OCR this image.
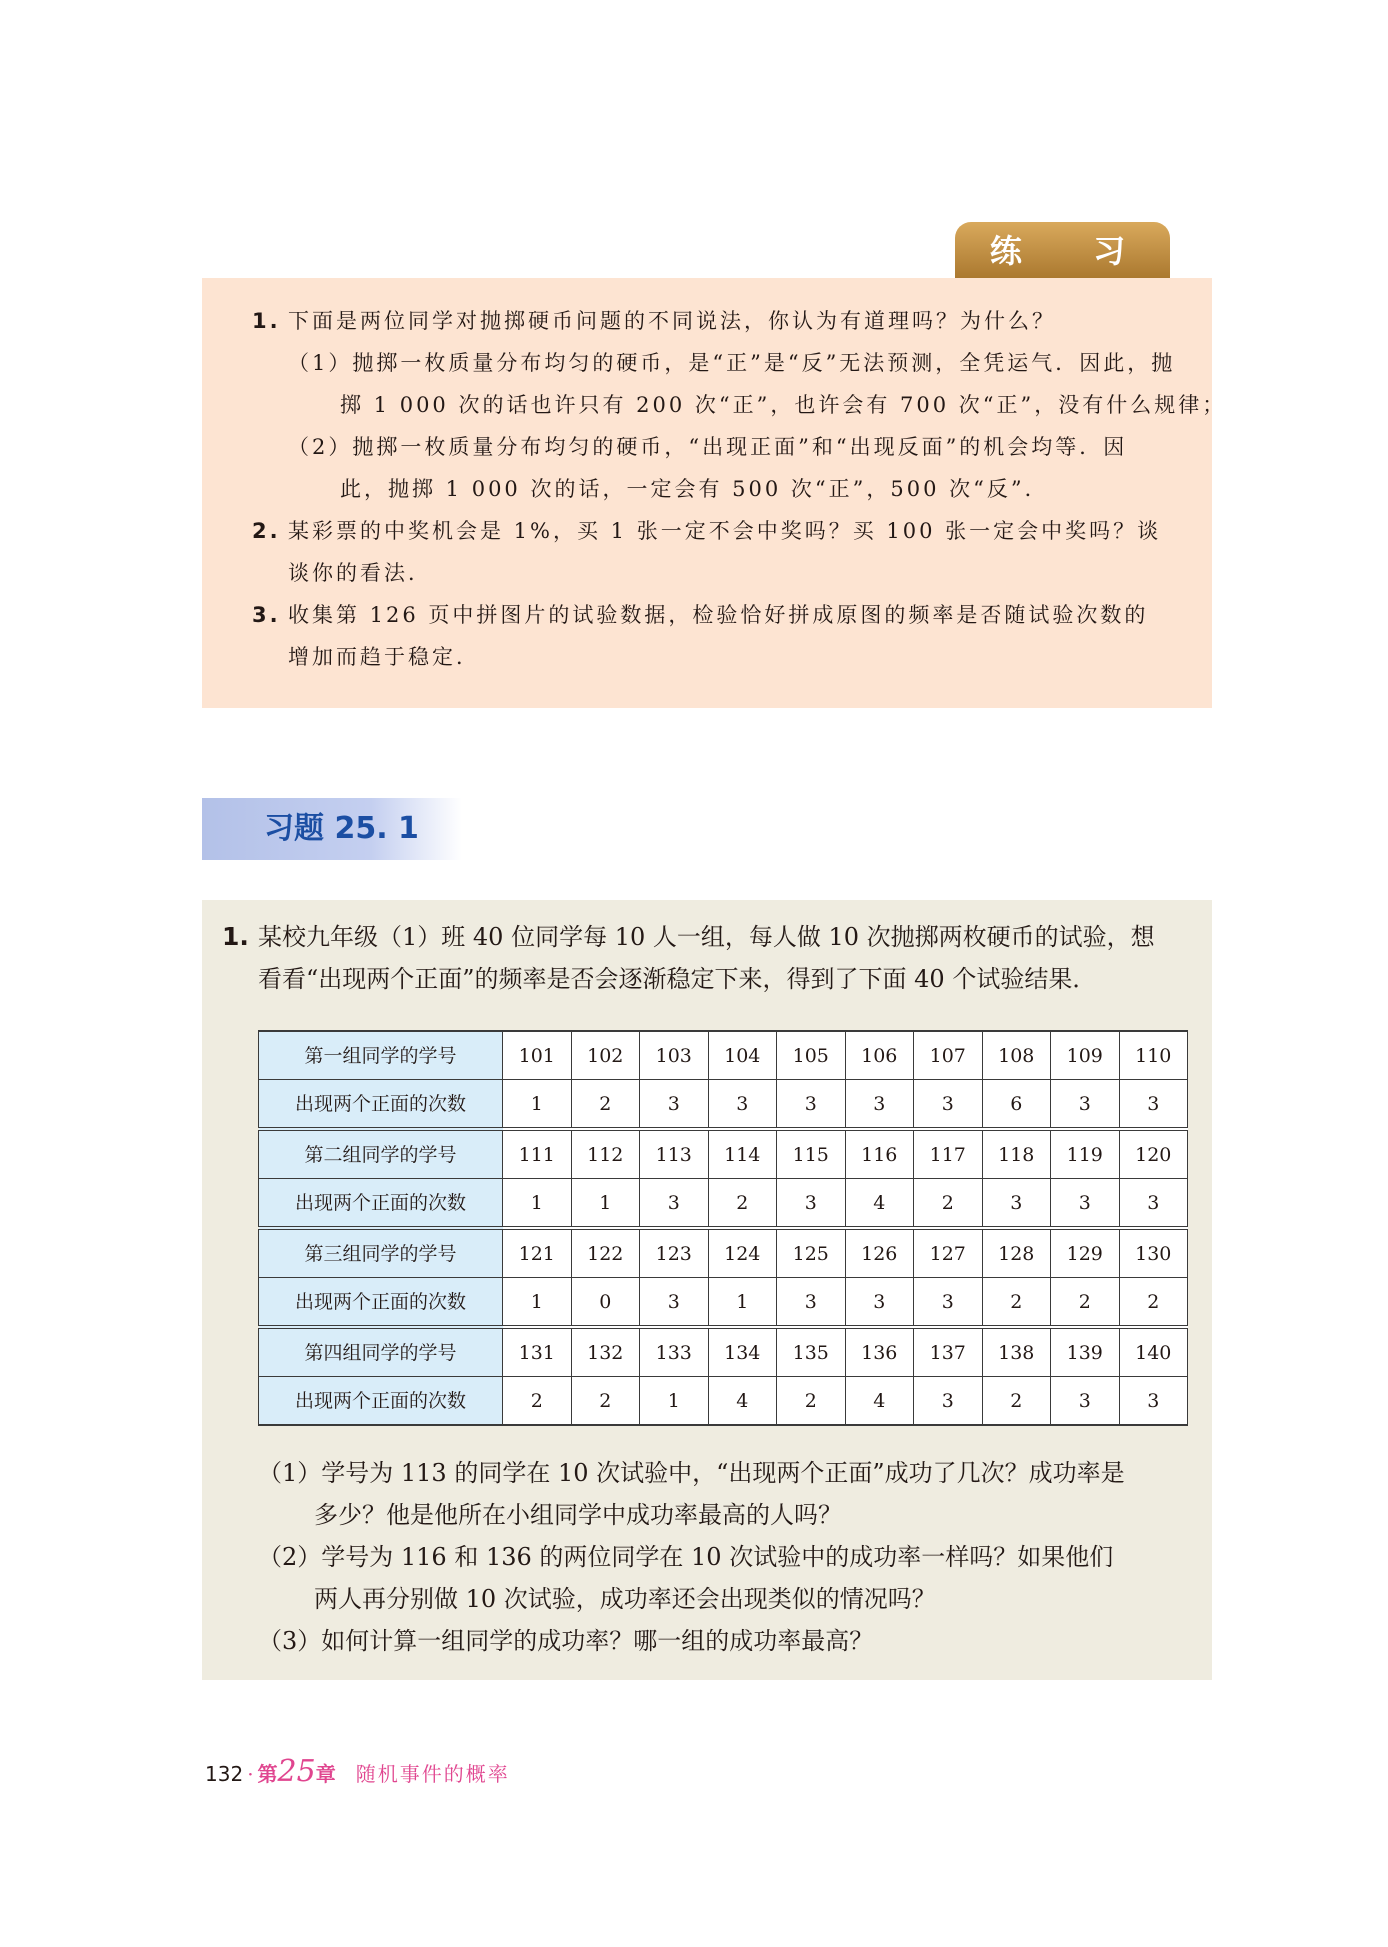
练 习
1. 下面是两位同学对抛掷硬币问题的不同说法，你认为有道理吗？为什么？
（1）抛掷一枚质量分布均匀的硬币，是“正”是“反”无法预测，全凭运气．因此，抛
掷 1 000 次的话也许只有 200 次“正”，也许会有 700 次“正”，没有什么规律；
（2）抛掷一枚质量分布均匀的硬币，“出现正面”和“出现反面”的机会均等．因
此，抛掷 1 000 次的话，一定会有 500 次“正”，500 次“反”．
2. 某彩票的中奖机会是 1%，买 1 张一定不会中奖吗？买 100 张一定会中奖吗？谈
谈你的看法．
3. 收集第 126 页中拼图片的试验数据，检验恰好拼成原图的频率是否随试验次数的
增加而趋于稳定．
习题 25. 1
1. 某校九年级（1）班 40 位同学每 10 人一组，每人做 10 次抛掷两枚硬币的试验，想
看看“出现两个正面”的频率是否会逐渐稳定下来，得到了下面 40 个试验结果．
第一组同学的学号	101	102	103	104	105	106	107	108	109	110
出现两个正面的次数	1	2	3	3	3	3	3	6	3	3
第二组同学的学号	111	112	113	114	115	116	117	118	119	120
出现两个正面的次数	1	1	3	2	3	4	2	3	3	3
第三组同学的学号	121	122	123	124	125	126	127	128	129	130
出现两个正面的次数	1	0	3	1	3	3	3	2	2	2
第四组同学的学号	131	132	133	134	135	136	137	138	139	140
出现两个正面的次数	2	2	1	4	2	4	3	2	3	3
（1）学号为 113 的同学在 10 次试验中，“出现两个正面”成功了几次？成功率是
多少？他是他所在小组同学中成功率最高的人吗？
（2）学号为 116 和 136 的两位同学在 10 次试验中的成功率一样吗？如果他们
两人再分别做 10 次试验，成功率还会出现类似的情况吗？
（3）如何计算一组同学的成功率？哪一组的成功率最高？
132 · 第25章 随机事件的概率
